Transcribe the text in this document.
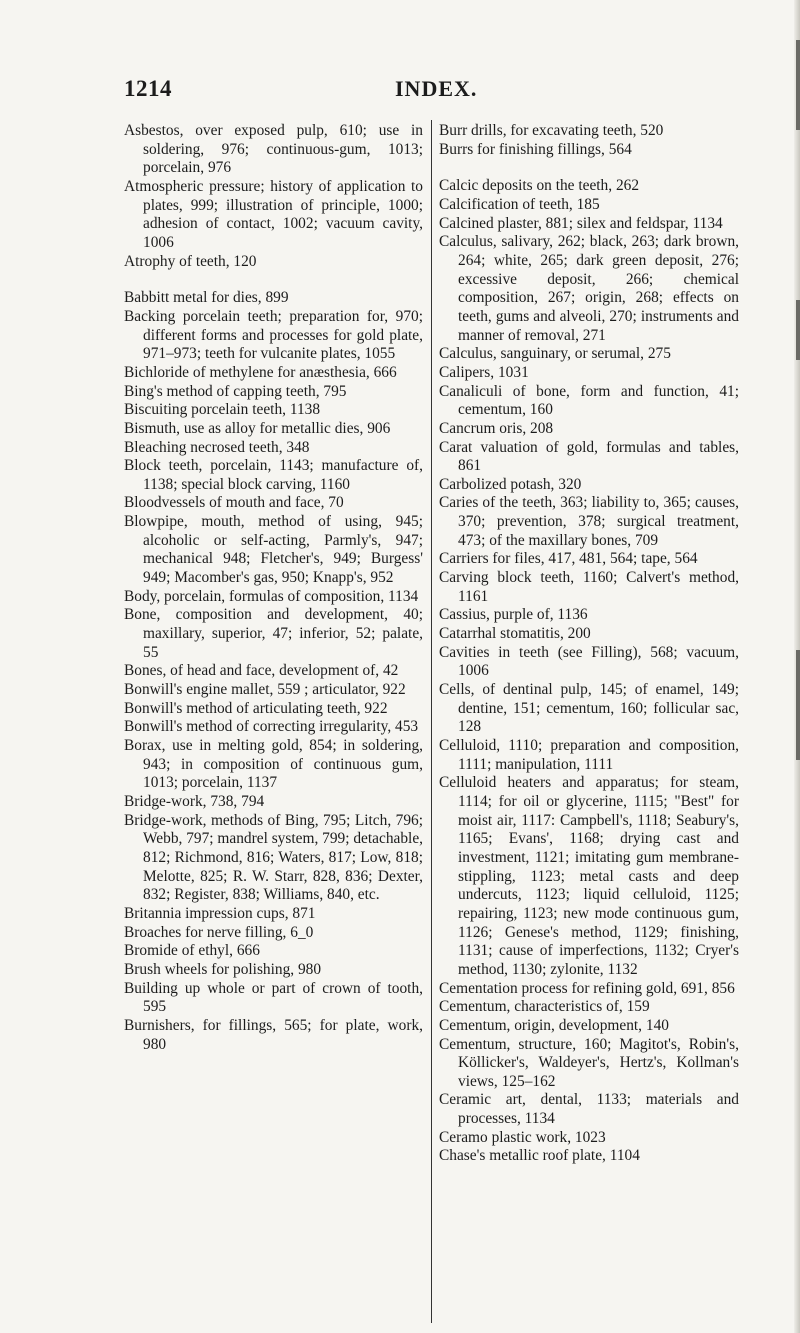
1214	INDEX.
Asbestos, over exposed pulp, 610; use in soldering, 976; continuous-gum, 1013; porcelain, 976
Atmospheric pressure; history of application to plates, 999; illustration of principle, 1000; adhesion of contact, 1002; vacuum cavity, 1006
Atrophy of teeth, 120
Babbitt metal for dies, 899
Backing porcelain teeth; preparation for, 970; different forms and processes for gold plate, 971–973; teeth for vulcanite plates, 1055
Bichloride of methylene for anæsthesia, 666
Bing's method of capping teeth, 795
Biscuiting porcelain teeth, 1138
Bismuth, use as alloy for metallic dies, 906
Bleaching necrosed teeth, 348
Block teeth, porcelain, 1143; manufacture of, 1138; special block carving, 1160
Bloodvessels of mouth and face, 70
Blowpipe, mouth, method of using, 945; alcoholic or self-acting, Parmly's, 947; mechanical 948; Fletcher's, 949; Burgess' 949; Macomber's gas, 950; Knapp's, 952
Body, porcelain, formulas of composition, 1134
Bone, composition and development, 40; maxillary, superior, 47; inferior, 52; palate, 55
Bones, of head and face, development of, 42
Bonwill's engine mallet, 559 ; articulator, 922
Bonwill's method of articulating teeth, 922
Bonwill's method of correcting irregularity, 453
Borax, use in melting gold, 854; in soldering, 943; in composition of continuous gum, 1013; porcelain, 1137
Bridge-work, 738, 794
Bridge-work, methods of Bing, 795; Litch, 796; Webb, 797; mandrel system, 799; detachable, 812; Richmond, 816; Waters, 817; Low, 818; Melotte, 825; R. W. Starr, 828, 836; Dexter, 832; Register, 838; Williams, 840, etc.
Britannia impression cups, 871
Broaches for nerve filling, 6_0
Bromide of ethyl, 666
Brush wheels for polishing, 980
Building up whole or part of crown of tooth, 595
Burnishers, for fillings, 565; for plate, work, 980
Burr drills, for excavating teeth, 520
Burrs for finishing fillings, 564
Calcic deposits on the teeth, 262
Calcification of teeth, 185
Calcined plaster, 881; silex and feldspar, 1134
Calculus, salivary, 262; black, 263; dark brown, 264; white, 265; dark green deposit, 276; excessive deposit, 266; chemical composition, 267; origin, 268; effects on teeth, gums and alveoli, 270; instruments and manner of removal, 271
Calculus, sanguinary, or serumal, 275
Calipers, 1031
Canaliculi of bone, form and function, 41; cementum, 160
Cancrum oris, 208
Carat valuation of gold, formulas and tables, 861
Carbolized potash, 320
Caries of the teeth, 363; liability to, 365; causes, 370; prevention, 378; surgical treatment, 473; of the maxillary bones, 709
Carriers for files, 417, 481, 564; tape, 564
Carving block teeth, 1160; Calvert's method, 1161
Cassius, purple of, 1136
Catarrhal stomatitis, 200
Cavities in teeth (see Filling), 568; vacuum, 1006
Cells, of dentinal pulp, 145; of enamel, 149; dentine, 151; cementum, 160; follicular sac, 128
Celluloid, 1110; preparation and composition, 1111; manipulation, 1111
Celluloid heaters and apparatus; for steam, 1114; for oil or glycerine, 1115; "Best" for moist air, 1117: Campbell's, 1118; Seabury's, 1165; Evans', 1168; drying cast and investment, 1121; imitating gum membrane-stippling, 1123; metal casts and deep undercuts, 1123; liquid celluloid, 1125; repairing, 1123; new mode continuous gum, 1126; Genese's method, 1129; finishing, 1131; cause of imperfections, 1132; Cryer's method, 1130; zylonite, 1132
Cementation process for refining gold, 691, 856
Cementum, characteristics of, 159
Cementum, origin, development, 140
Cementum, structure, 160; Magitot's, Robin's, Köllicker's, Waldeyer's, Hertz's, Kollman's views, 125–162
Ceramic art, dental, 1133; materials and processes, 1134
Ceramo plastic work, 1023
Chase's metallic roof plate, 1104
